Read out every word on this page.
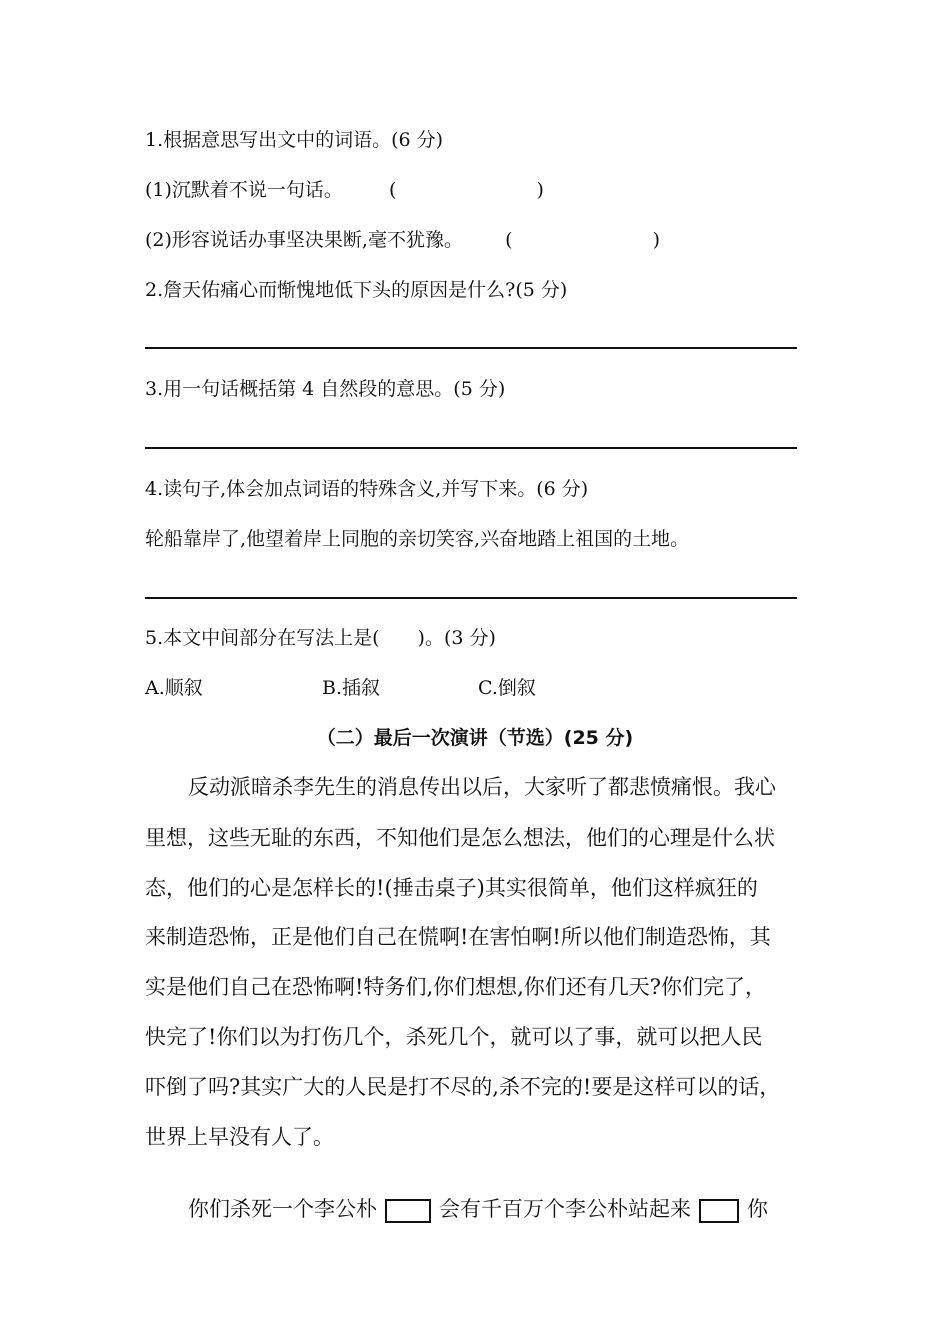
1.根据意思写出文中的词语。(6 分)
(1)沉默着不说一句话。 (	)
(2)形容说话办事坚决果断,毫不犹豫。 (	)
2.詹天佑痛心而惭愧地低下头的原因是什么?(5 分)
3.用一句话概括第 4 自然段的意思。(5 分)
4.读句子,体会加点词语的特殊含义,并写下来。(6 分)
轮船靠岸了,他望着岸上同胞的亲切笑容,兴奋地踏上祖国的土地。
5.本文中间部分在写法上是(　　)。(3 分)
A.顺叙	B.插叙	C.倒叙
（二）最后一次演讲（节选）(25 分)
反动派暗杀李先生的消息传出以后，大家听了都悲愤痛恨。我心
里想，这些无耻的东西，不知他们是怎么想法，他们的心理是什么状
态，他们的心是怎样长的!(捶击桌子)其实很简单，他们这样疯狂的
来制造恐怖，正是他们自己在慌啊!在害怕啊!所以他们制造恐怖，其
实是他们自己在恐怖啊!特务们,你们想想,你们还有几天?你们完了，
快完了!你们以为打伤几个，杀死几个，就可以了事，就可以把人民
吓倒了吗?其实广大的人民是打不尽的,杀不完的!要是这样可以的话，
世界上早没有人了。
你们杀死一个李公朴	会有千百万个李公朴站起来	你
